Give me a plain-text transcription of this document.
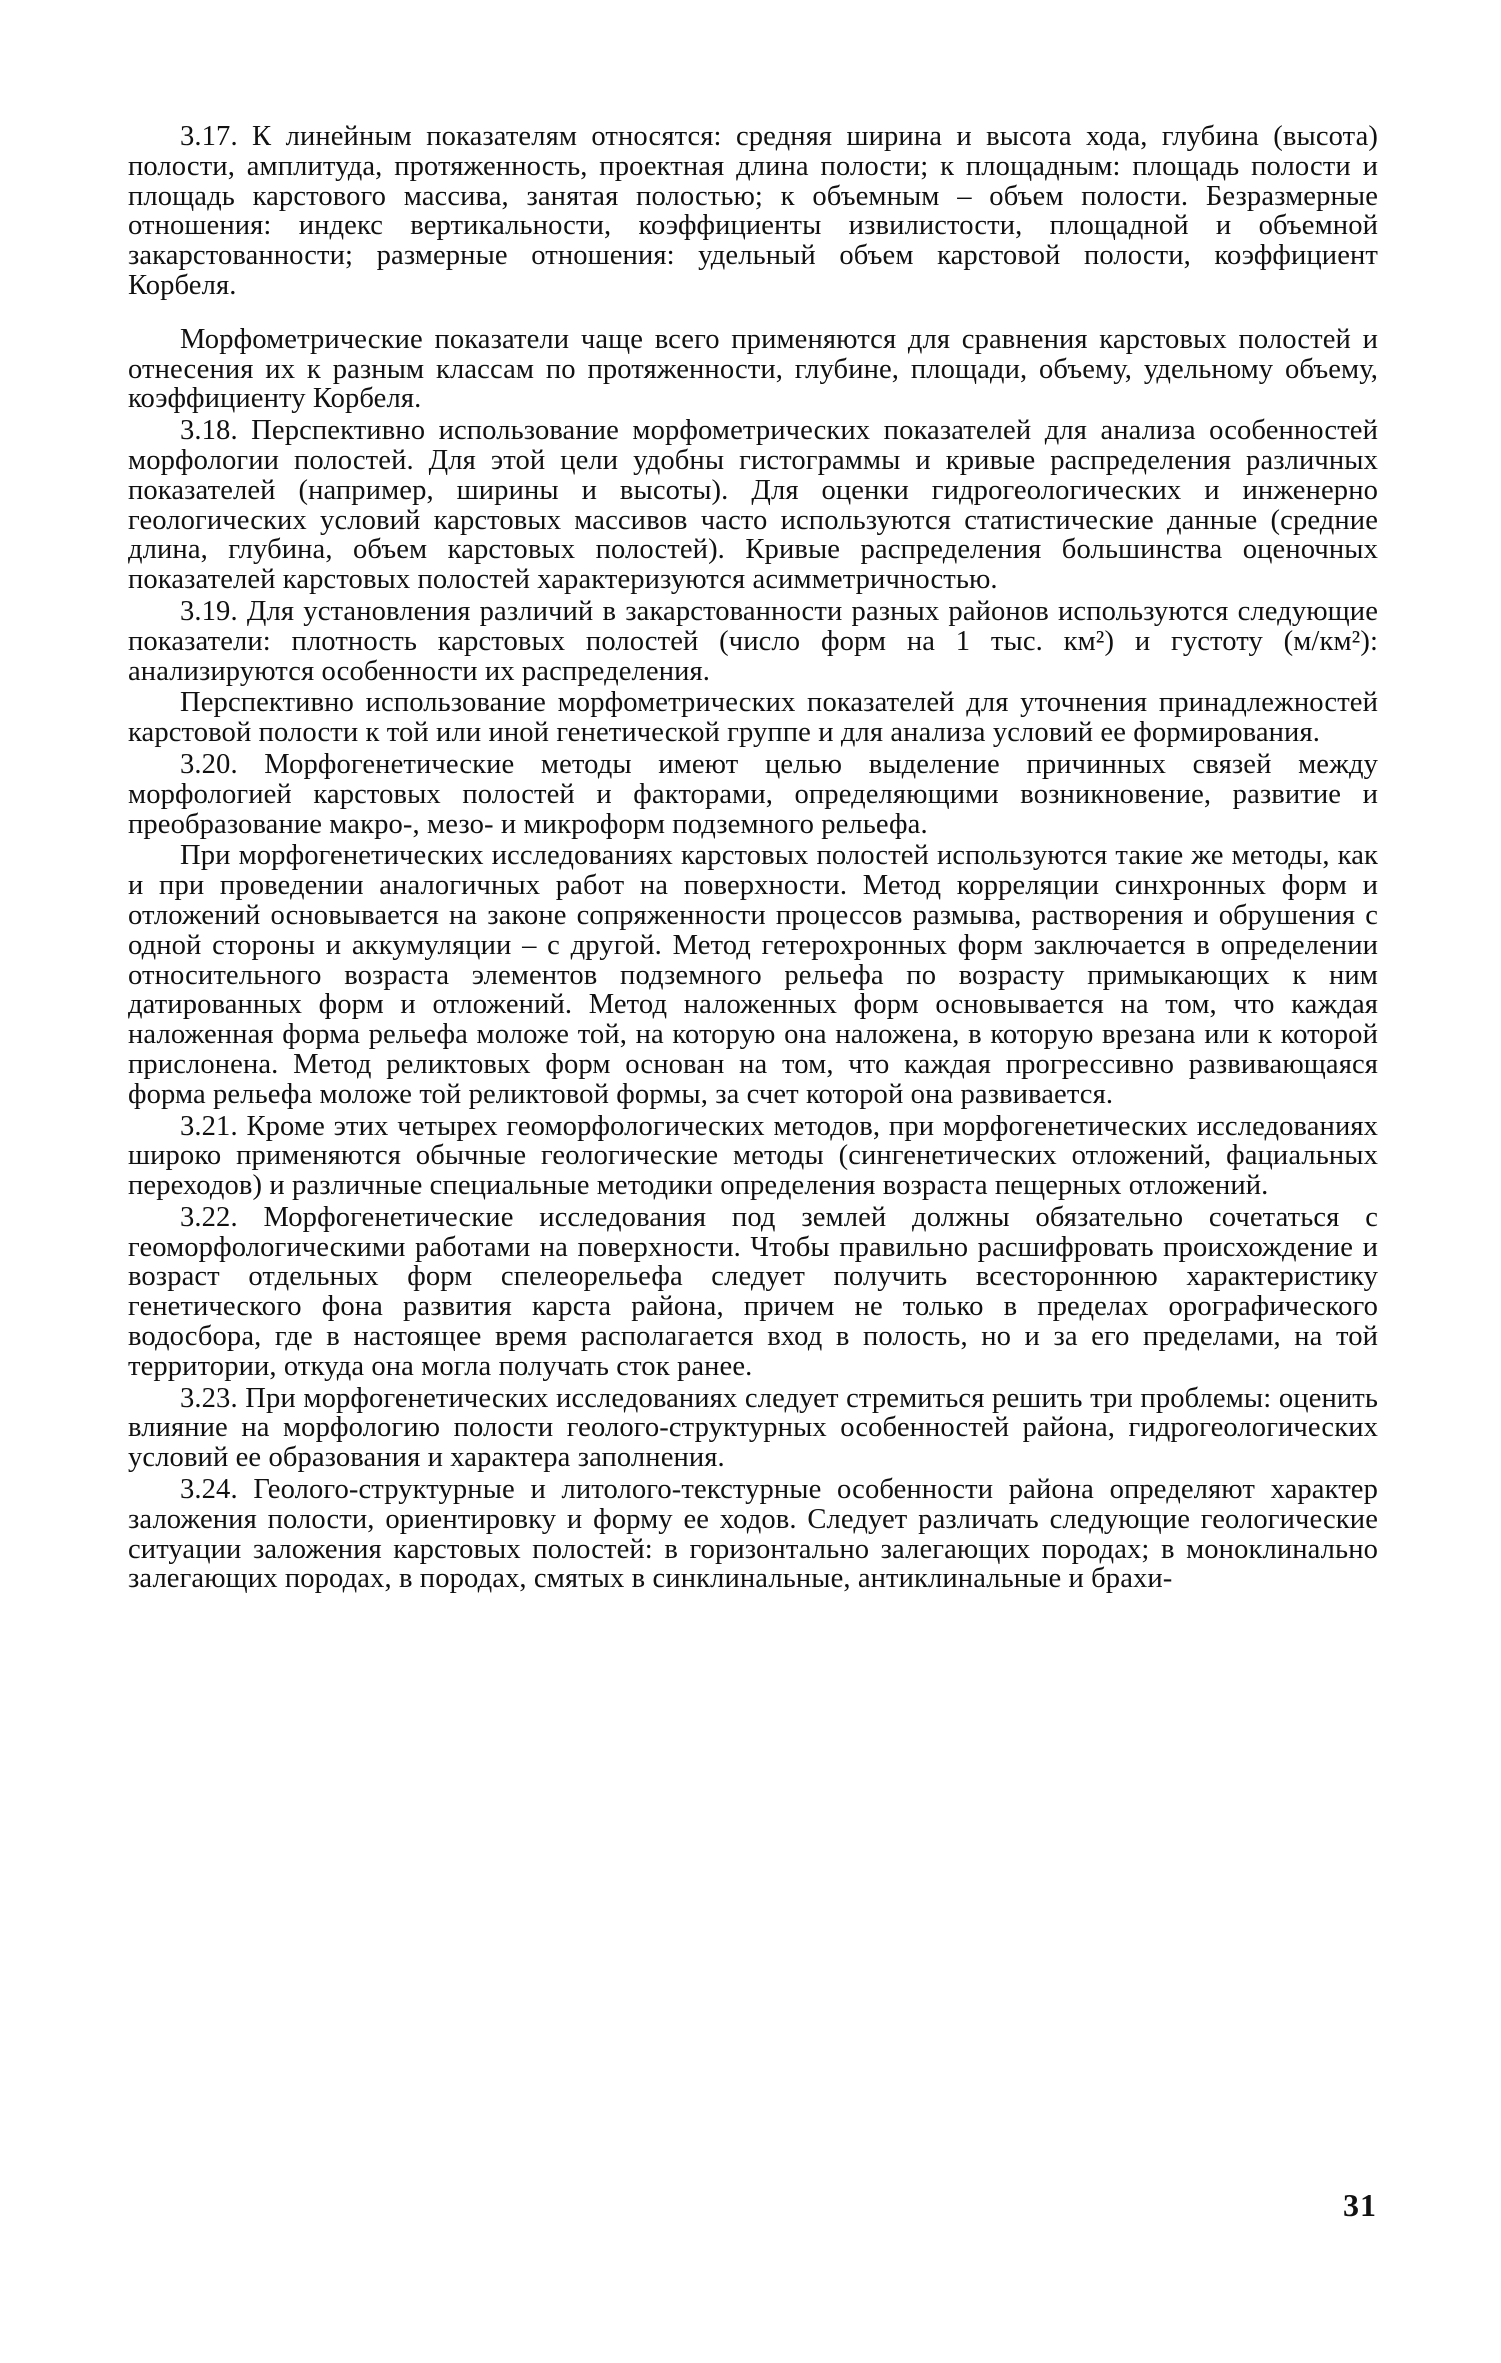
3.17. К линейным показателям относятся: средняя ширина и высота хода, глубина (высота) полости, амплитуда, протяженность, проектная длина полости; к площадным: площадь полости и площадь карстового массива, занятая полостью; к объемным – объем полости. Безразмерные отношения: индекс вертикальности, коэффициенты извилистости, площадной и объемной закарстованности; размерные отношения: удельный объем карстовой полости, коэффициент Корбеля.

Морфометрические показатели чаще всего применяются для сравнения карстовых полостей и отнесения их к разным классам по протяженности, глубине, площади, объему, удельному объему, коэффициенту Корбеля.

3.18. Перспективно использование морфометрических показателей для анализа особенностей морфологии полостей. Для этой цели удобны гистограммы и кривые распределения различных показателей (например, ширины и высоты). Для оценки гидрогеологических и инженерно геологических условий карстовых массивов часто используются статистические данные (средние длина, глубина, объем карстовых полостей). Кривые распределения большинства оценочных показателей карстовых полостей характеризуются асимметричностью.

3.19. Для установления различий в закарстованности разных районов используются следующие показатели: плотность карстовых полостей (число форм на 1 тыс. км²) и густоту (м/км²): анализируются особенности их распределения.

Перспективно использование морфометрических показателей для уточнения принадлежностей карстовой полости к той или иной генетической группе и для анализа условий ее формирования.

3.20. Морфогенетические методы имеют целью выделение причинных связей между морфологией карстовых полостей и факторами, определяющими возникновение, развитие и преобразование макро-, мезо- и микроформ подземного рельефа.

При морфогенетических исследованиях карстовых полостей используются такие же методы, как и при проведении аналогичных работ на поверхности. Метод корреляции синхронных форм и отложений основывается на законе сопряженности процессов размыва, растворения и обрушения с одной стороны и аккумуляции – с другой. Метод гетерохронных форм заключается в определении относительного возраста элементов подземного рельефа по возрасту примыкающих к ним датированных форм и отложений. Метод наложенных форм основывается на том, что каждая наложенная форма рельефа моложе той, на которую она наложена, в которую врезана или к которой прислонена. Метод реликтовых форм основан на том, что каждая прогрессивно развивающаяся форма рельефа моложе той реликтовой формы, за счет которой она развивается.

3.21. Кроме этих четырех геоморфологических методов, при морфогенетических исследованиях широко применяются обычные геологические методы (сингенетических отложений, фациальных переходов) и различные специальные методики определения возраста пещерных отложений.

3.22. Морфогенетические исследования под землей должны обязательно сочетаться с геоморфологическими работами на поверхности. Чтобы правильно расшифровать происхождение и возраст отдельных форм спелеорельефа следует получить всестороннюю характеристику генетического фона развития карста района, причем не только в пределах орографического водосбора, где в настоящее время располагается вход в полость, но и за его пределами, на той территории, откуда она могла получать сток ранее.

3.23. При морфогенетических исследованиях следует стремиться решить три проблемы: оценить влияние на морфологию полости геолого-структурных особенностей района, гидрогеологических условий ее образования и характера заполнения.

3.24. Геолого-структурные и литолого-текстурные особенности района определяют характер заложения полости, ориентировку и форму ее ходов. Следует различать следующие геологические ситуации заложения карстовых полостей: в горизонтально залегающих породах; в моноклинально залегающих породах, в породах, смятых в синклинальные, антиклинальные и брахи-

31
